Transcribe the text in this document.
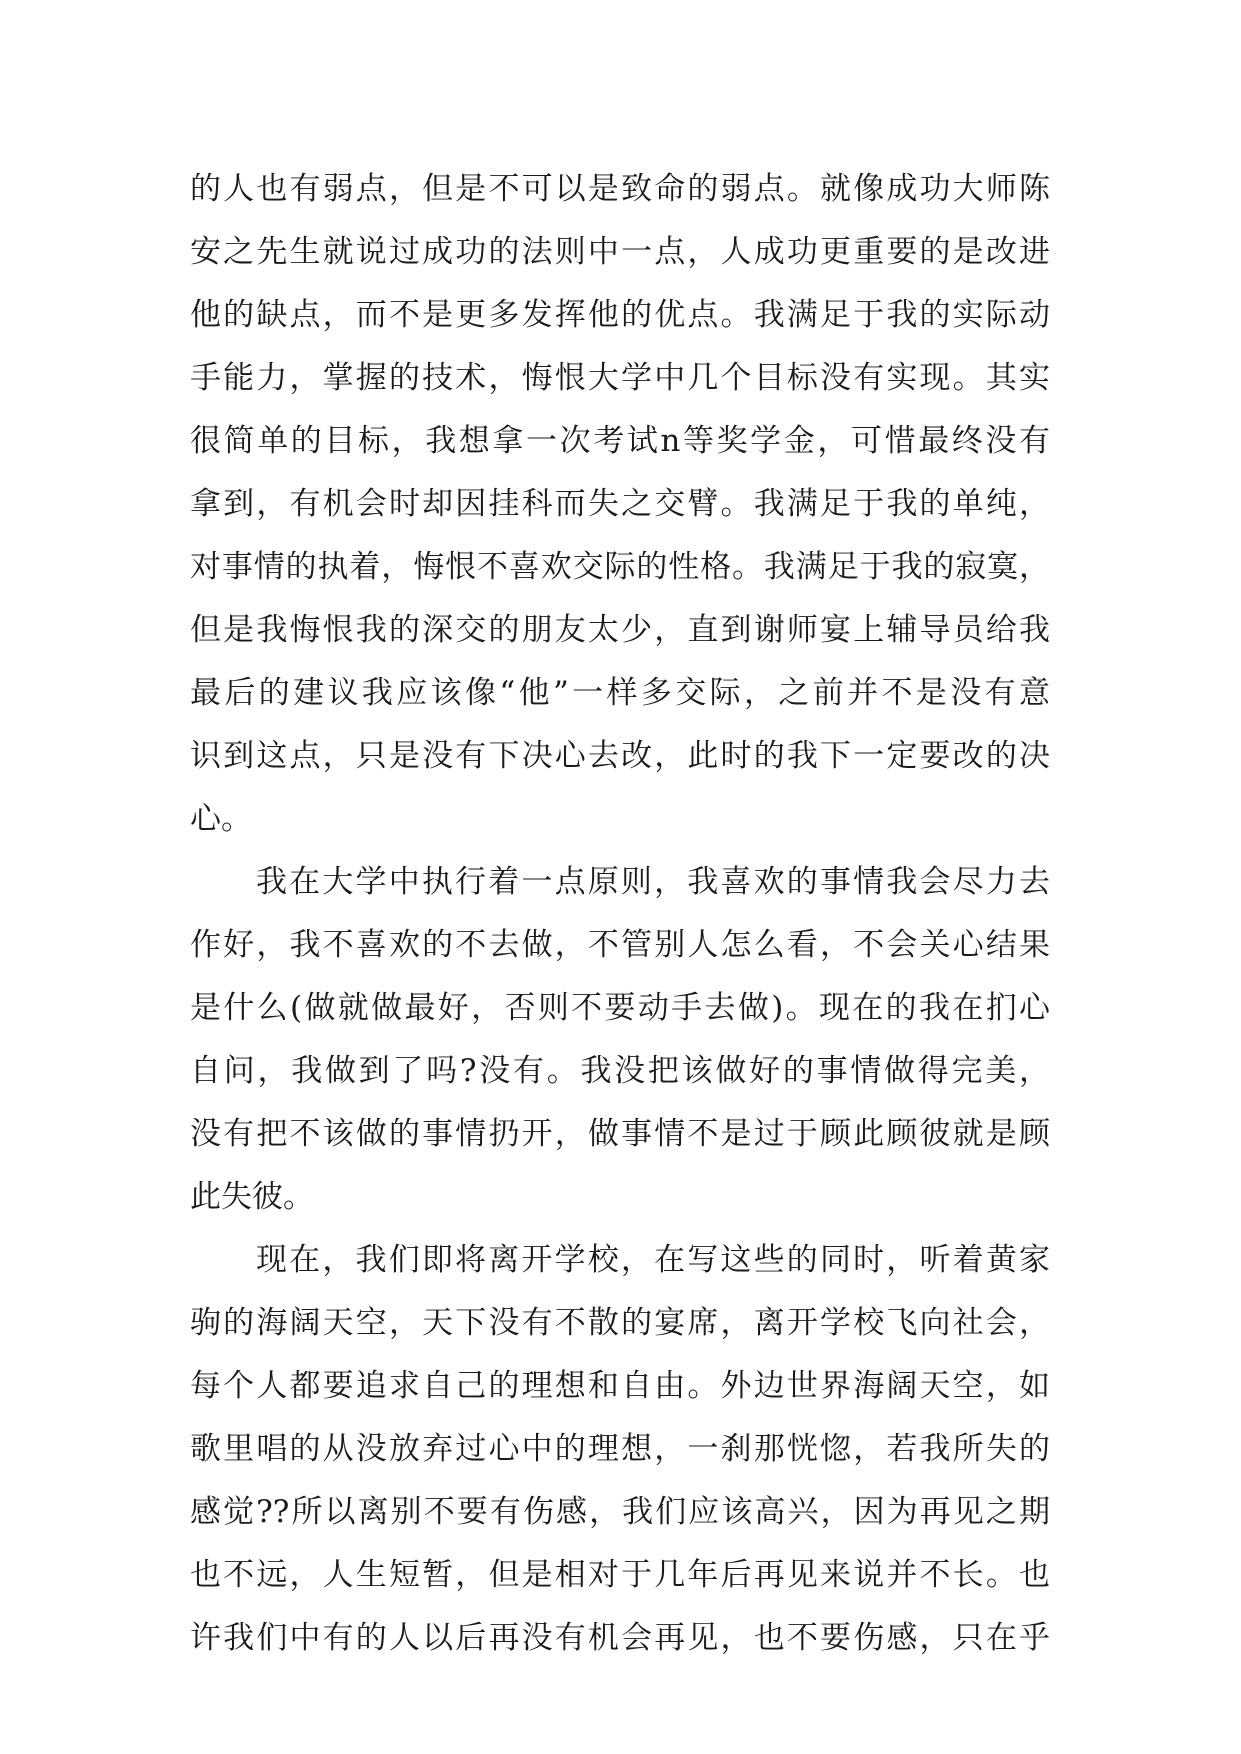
的人也有弱点，但是不可以是致命的弱点。就像成功大师陈
安之先生就说过成功的法则中一点，人成功更重要的是改进
他的缺点，而不是更多发挥他的优点。我满足于我的实际动
手能力，掌握的技术，悔恨大学中几个目标没有实现。其实
很简单的目标，我想拿一次考试n等奖学金，可惜最终没有
拿到，有机会时却因挂科而失之交臂。我满足于我的单纯，
对事情的执着，悔恨不喜欢交际的性格。我满足于我的寂寞，
但是我悔恨我的深交的朋友太少，直到谢师宴上辅导员给我
最后的建议我应该像“他”一样多交际，之前并不是没有意
识到这点，只是没有下决心去改，此时的我下一定要改的决
心。
我在大学中执行着一点原则，我喜欢的事情我会尽力去
作好，我不喜欢的不去做，不管别人怎么看，不会关心结果
是什么(做就做最好，否则不要动手去做)。现在的我在扪心
自问，我做到了吗?没有。我没把该做好的事情做得完美，
没有把不该做的事情扔开，做事情不是过于顾此顾彼就是顾
此失彼。
现在，我们即将离开学校，在写这些的同时，听着黄家
驹的海阔天空，天下没有不散的宴席，离开学校飞向社会，
每个人都要追求自己的理想和自由。外边世界海阔天空，如
歌里唱的从没放弃过心中的理想，一刹那恍惚，若我所失的
感觉??所以离别不要有伤感，我们应该高兴，因为再见之期
也不远，人生短暂，但是相对于几年后再见来说并不长。也
许我们中有的人以后再没有机会再见，也不要伤感，只在乎
